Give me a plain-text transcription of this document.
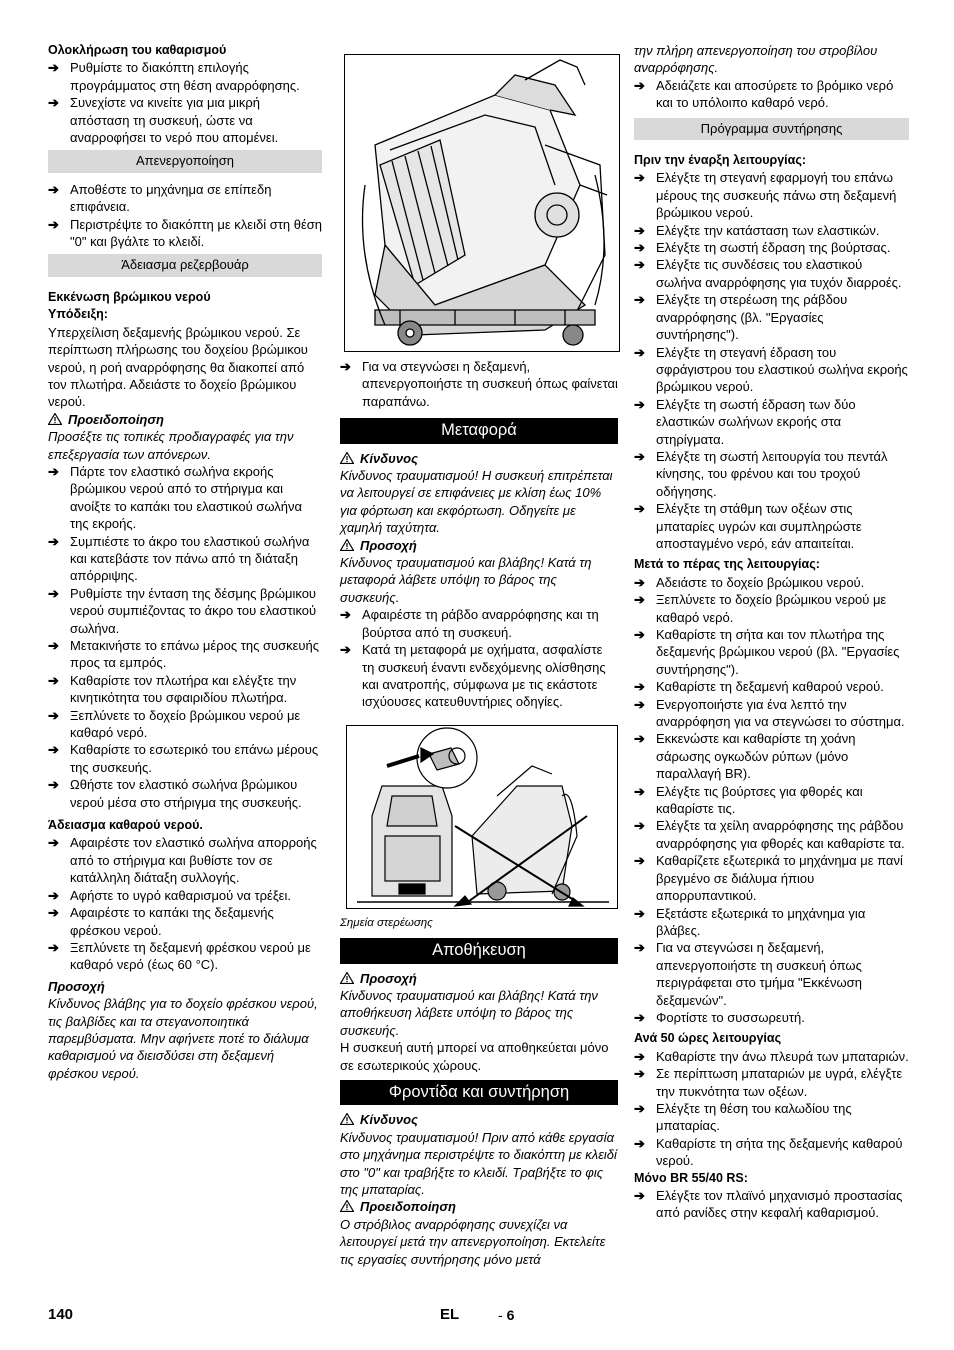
Ολοκλήρωση του καθαρισμού

➔ Ρυθμίστε το διακόπτη επιλογής προγράμματος στη θέση αναρρόφησης.
➔ Συνεχίστε να κινείτε για μια μικρή απόσταση τη συσκευή, ώστε να αναρροφήσει το νερό που απομένει.
Απενεργοποίηση
➔ Αποθέστε το μηχάνημα σε επίπεδη επιφάνεια.
➔ Περιστρέψτε το διακόπτη με κλειδί στη θέση "0" και βγάλτε το κλειδί.
Άδειασμα ρεζερβουάρ

Εκκένωση βρώμικου νερού

Υπόδειξη:

Υπερχείλιση δεξαμενής βρώμικου νερού. Σε περίπτωση πλήρωσης του δοχείου βρώμικου νερού, η ροή αναρρόφησης θα διακοπεί από τον πλωτήρα. Αδειάστε το δοχείο βρώμικου νερού.

Προειδοποίηση

Προσέξτε τις τοπικές προδιαγραφές για την επεξεργασία των απόνερων.

➔ Πάρτε τον ελαστικό σωλήνα εκροής βρώμικου νερού από το στήριγμα και ανοίξτε το καπάκι του ελαστικού σωλήνα της εκροής.
➔ Συμπιέστε το άκρο του ελαστικού σωλήνα και κατεβάστε τον πάνω από τη διάταξη απόρριψης.
➔ Ρυθμίστε την ένταση της δέσμης βρώμικου νερού συμπιέζοντας το άκρο του ελαστικού σωλήνα.
➔ Μετακινήστε το επάνω μέρος της συσκευής προς τα εμπρός.
➔ Καθαρίστε τον πλωτήρα και ελέγξτε την κινητικότητα του σφαιριδίου πλωτήρα.
➔ Ξεπλύνετε το δοχείο βρώμικου νερού με καθαρό νερό.
➔ Καθαρίστε το εσωτερικό του επάνω μέρους της συσκευής.
➔ Ωθήστε τον ελαστικό σωλήνα βρώμικου νερού μέσα στο στήριγμα της συσκευής.

Άδειασμα καθαρού νερού.

➔ Αφαιρέστε τον ελαστικό σωλήνα απορροής από το στήριγμα και βυθίστε τον σε κατάλληλη διάταξη συλλογής.
➔ Αφήστε το υγρό καθαρισμού να τρέξει.
➔ Αφαιρέστε το καπάκι της δεξαμενής φρέσκου νερού.
➔ Ξεπλύνετε τη δεξαμενή φρέσκου νερού με καθαρό νερό (έως 60 °C).

Προσοχή

Κίνδυνος βλάβης για το δοχείο φρέσκου νερού, τις βαλβίδες και τα στεγανοποιητικά παρεμβύσματα. Μην αφήνετε ποτέ το διάλυμα καθαρισμού να διεισδύσει στη δεξαμενή φρέσκου νερού.

➔ Για να στεγνώσει η δεξαμενή, απενεργοποιήστε τη συσκευή όπως φαίνεται παραπάνω.
Μεταφορά

Κίνδυνος

Κίνδυνος τραυματισμού! Η συσκευή επιτρέπεται να λειτουργεί σε επιφάνειες με κλίση έως 10% για φόρτωση και εκφόρτωση. Οδηγείτε με χαμηλή ταχύτητα.

Προσοχή

Κίνδυνος τραυματισμού και βλάβης! Κατά τη μεταφορά λάβετε υπόψη το βάρος της συσκευής.

➔ Αφαιρέστε τη ράβδο αναρρόφησης και τη βούρτσα από τη συσκευή.
➔ Κατά τη μεταφορά με οχήματα, ασφαλίστε τη συσκευή έναντι ενδεχόμενης ολίσθησης και ανατροπής, σύμφωνα με τις εκάστοτε ισχύουσες κατευθυντήριες οδηγίες.

Σημεία στερέωσης

Αποθήκευση

Προσοχή

Κίνδυνος τραυματισμού και βλάβης! Κατά την αποθήκευση λάβετε υπόψη το βάρος της συσκευής.

Η συσκευή αυτή μπορεί να αποθηκεύεται μόνο σε εσωτερικούς χώρους.

Φροντίδα και συντήρηση

Κίνδυνος

Κίνδυνος τραυματισμού! Πριν από κάθε εργασία στο μηχάνημα περιστρέψτε το διακόπτη με κλειδί στο "0" και τραβήξτε το κλειδί. Τραβήξτε το φις της μπαταρίας.

Προειδοποίηση

Ο στρόβιλος αναρρόφησης συνεχίζει να λειτουργεί μετά την απενεργοποίηση. Εκτελείτε τις εργασίες συντήρησης μόνο μετά

την πλήρη απενεργοποίηση του στροβίλου αναρρόφησης.

➔ Αδειάζετε και αποσύρετε το βρόμικο νερό και το υπόλοιπο καθαρό νερό.
Πρόγραμμα συντήρησης

Πριν την έναρξη λειτουργίας:

➔ Ελέγξτε τη στεγανή εφαρμογή του επάνω μέρους της συσκευής πάνω στη δεξαμενή βρώμικου νερού.
➔ Ελέγξτε την κατάσταση των ελαστικών.
➔ Ελέγξτε τη σωστή έδραση της βούρτσας.
➔ Ελέγξτε τις συνδέσεις του ελαστικού σωλήνα αναρρόφησης για τυχόν διαρροές.
➔ Ελέγξτε τη στερέωση της ράβδου αναρρόφησης (βλ. "Εργασίες συντήρησης").
➔ Ελέγξτε τη στεγανή έδραση του σφράγιστρου του ελαστικού σωλήνα εκροής βρώμικου νερού.
➔ Ελέγξτε τη σωστή έδραση των δύο ελαστικών σωλήνων εκροής στα στηρίγματα.
➔ Ελέγξτε τη σωστή λειτουργία του πεντάλ κίνησης, του φρένου και του τροχού οδήγησης.
➔ Ελέγξτε τη στάθμη των οξέων στις μπαταρίες υγρών και συμπληρώστε αποσταγμένο νερό, εάν απαιτείται.

Μετά το πέρας της λειτουργίας:

➔ Αδειάστε το δοχείο βρώμικου νερού.
➔ Ξεπλύνετε το δοχείο βρώμικου νερού με καθαρό νερό.
➔ Καθαρίστε τη σήτα και τον πλωτήρα της δεξαμενής βρώμικου νερού (βλ. "Εργασίες συντήρησης").
➔ Καθαρίστε τη δεξαμενή καθαρού νερού.
➔ Ενεργοποιήστε για ένα λεπτό την αναρρόφηση για να στεγνώσει το σύστημα.
➔ Εκκενώστε και καθαρίστε τη χοάνη σάρωσης ογκωδών ρύπων (μόνο παραλλαγή BR).
➔ Ελέγξτε τις βούρτσες για φθορές και καθαρίστε τις.
➔ Ελέγξτε τα χείλη αναρρόφησης της ράβδου αναρρόφησης για φθορές και καθαρίστε τα.
➔ Καθαρίζετε εξωτερικά το μηχάνημα με πανί βρεγμένο σε διάλυμα ήπιου απορρυπαντικού.
➔ Εξετάστε εξωτερικά το μηχάνημα για βλάβες.
➔ Για να στεγνώσει η δεξαμενή, απενεργοποιήστε τη συσκευή όπως περιγράφεται στο τμήμα "Εκκένωση δεξαμενών".
➔ Φορτίστε το συσσωρευτή.

Ανά 50 ώρες λειτουργίας

➔ Καθαρίστε την άνω πλευρά των μπαταριών.
➔ Σε περίπτωση μπαταριών με υγρά, ελέγξτε την πυκνότητα των οξέων.
➔ Ελέγξτε τη θέση του καλωδίου της μπαταρίας.
➔ Καθαρίστε τη σήτα της δεξαμενής καθαρού νερού.

Μόνο BR 55/40 RS:

➔ Ελέγξτε τον πλαϊνό μηχανισμό προστασίας από ρανίδες στην κεφαλή καθαρισμού.
140	EL	- 6
